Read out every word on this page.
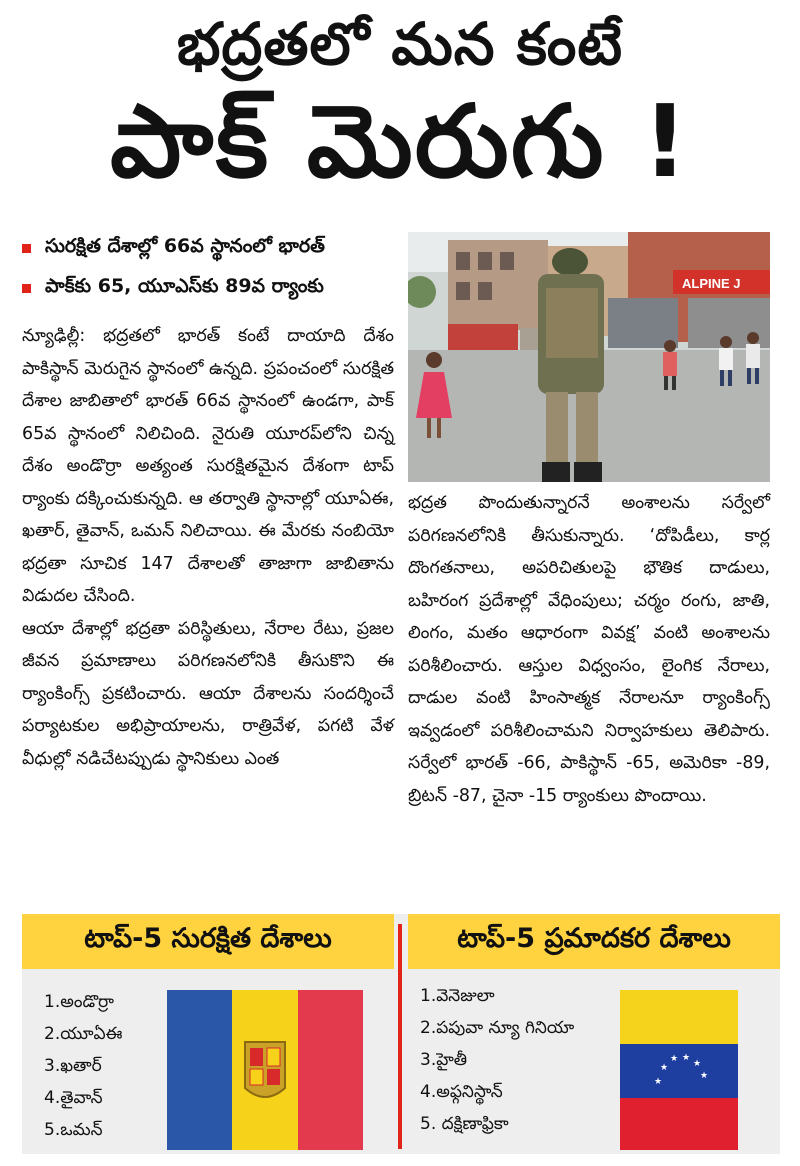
భద్రతలో మన కంటే
పాక్ మెరుగు !
సురక్షిత దేశాల్లో 66వ స్థానంలో భారత్
పాక్‌కు 65, యూఎస్‌కు 89వ ర్యాంకు	ALPINE J

న్యూఢిల్లీ: భద్రతలో భారత్ కంటే దాయాది దేశం పాకిస్థాన్ మెరుగైన స్థానంలో ఉన్నది. ప్రపంచంలో సురక్షిత దేశాల జాబితాలో భారత్ 66వ స్థానంలో ఉండగా, పాక్ 65వ స్థానంలో నిలిచింది. నైరుతి యూరప్‌లోని చిన్న దేశం అండొర్రా అత్యంత సురక్షితమైన దేశంగా టాప్ ర్యాంకు దక్కించుకున్నది. ఆ తర్వాతి స్థానాల్లో యూఏఈ, ఖతార్, తైవాన్, ఒమన్ నిలిచాయి. ఈ మేరకు నంబియో భద్రతా సూచిక 147 దేశాలతో తాజాగా జాబితాను విడుదల చేసింది.

ఆయా దేశాల్లో భద్రతా పరిస్థితులు, నేరాల రేటు, ప్రజల జీవన ప్రమాణాలు పరిగణనలోనికి తీసుకొని ఈ ర్యాంకింగ్స్ ప్రకటించారు. ఆయా దేశాలను సందర్శించే పర్యాటకుల అభిప్రాయాలను, రాత్రివేళ, పగటి వేళ వీధుల్లో నడిచేటప్పుడు స్థానికులు ఎంత

భద్రత పొందుతున్నారనే అంశాలను సర్వేలో పరిగణనలోనికి తీసుకున్నారు. ‘దోపిడీలు, కార్ల దొంగతనాలు, అపరిచితులపై భౌతిక దాడులు, బహిరంగ ప్రదేశాల్లో వేధింపులు; చర్మం రంగు, జాతి, లింగం, మతం ఆధారంగా వివక్ష’ వంటి అంశాలను పరిశీలించారు. ఆస్తుల విధ్వంసం, లైంగిక నేరాలు, దాడుల వంటి హింసాత్మక నేరాలనూ ర్యాంకింగ్స్ ఇవ్వడంలో పరిశీలించామని నిర్వాహకులు తెలిపారు. సర్వేలో భారత్ -66, పాకిస్థాన్ -65, అమెరికా -89, బ్రిటన్ -87, చైనా -15 ర్యాంకులు పొందాయి.

టాప్-5 సురక్షిత దేశాలు	టాప్-5 ప్రమాదకర దేశాలు
1.అండొర్రా
2.యూఏఈ
3.ఖతార్
4.తైవాన్
5.ఒమన్
1.వెనెజులా
2.పపువా న్యూ గినియా
3.హైతీ
4.అఫ్గనిస్థాన్
5. దక్షిణాఫ్రికా
★
★
★ ★
★
★
